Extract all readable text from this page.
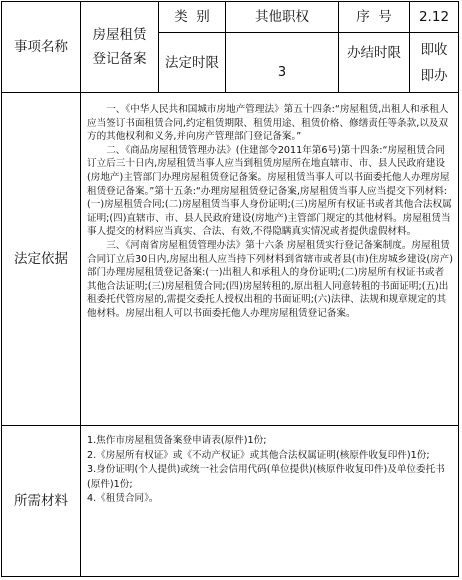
事项名称
房屋租赁
登记备案
类  别	其他职权	序  号 2.12
法定时限
3
办结时限 即收
即办
法定依据

一、《中华人民共和国城市房地产管理法》第五十四条:“房屋租赁,出租人和承租人应当签订书面租赁合同,约定租赁期限、租赁用途、租赁价格、修缮责任等条款,以及双方的其他权利和义务,并向房产管理部门登记备案。”

二、《商品房屋租赁管理办法》(住建部令2011年第6号)第十四条:“房屋租赁合同订立后三十日内,房屋租赁当事人应当到租赁房屋所在地直辖市、市、县人民政府建设(房地产)主管部门办理房屋租赁登记备案。房屋租赁当事人可以书面委托他人办理房屋租赁登记备案。”第十五条:“办理房屋租赁登记备案,房屋租赁当事人应当提交下列材料:(一)房屋租赁合同;(二)房屋租赁当事人身份证明;(三)房屋所有权证书或者其他合法权属证明;(四)直辖市、市、县人民政府建设(房地产)主管部门规定的其他材料。房屋租赁当事人提交的材料应当真实、合法、有效,不得隐瞒真实情况或者提供虚假材料。

三、《河南省房屋租赁管理办法》第十六条 房屋租赁实行登记备案制度。房屋租赁合同订立后30日内,房屋出租人应当持下列材料到省辖市或者县(市)住房城乡建设(房产)部门办理房屋租赁登记备案:(一)出租人和承租人的身份证明;(二)房屋所有权证书或者其他合法证明;(三)房屋租赁合同;(四)房屋转租的,原出租人同意转租的书面证明;(五)出租委托代管房屋的,需提交委托人授权出租的书面证明;(六)法律、法规和规章规定的其他材料。房屋出租人可以书面委托他人办理房屋租赁登记备案。

所需材料

1.焦作市房屋租赁备案登申请表(原件)1份;

2.《房屋所有权证》或《不动产权证》或其他合法权属证明(核原件收复印件)1份;

3.身份证明(个人提供)或统一社会信用代码(单位提供)(核原件收复印件)及单位委托书(原件)1份;

4.《租赁合同》。
